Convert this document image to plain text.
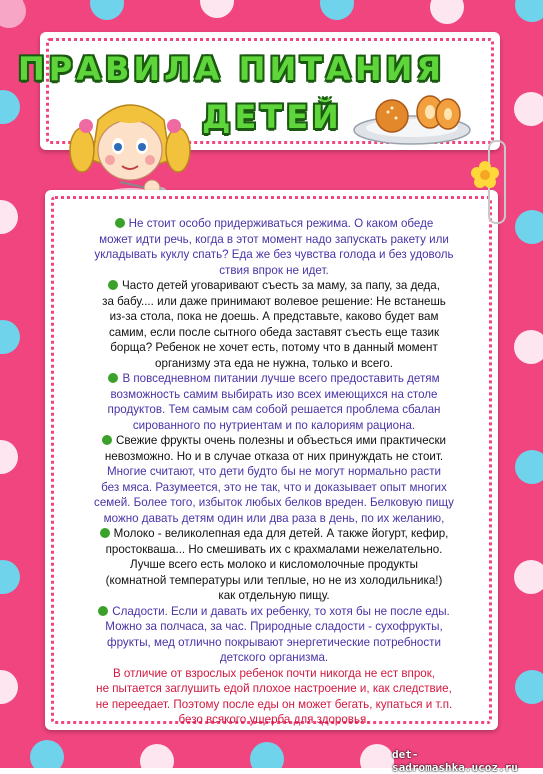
ПРАВИЛА ПИТАНИЯ
ДЕТЕЙ
Не стоит особо придерживаться режима. О каком обеде
может идти речь, когда в этот момент надо запускать ракету или
укладывать куклу спать? Еда же без чувства голода и без удоволь
ствия впрок не идет.
Часто детей уговаривают съесть за маму, за папу, за деда,
за бабу.... или даже принимают волевое решение: Не встанешь
из-за стола, пока не доешь. А представьте, каково будет вам
самим, если после сытного обеда заставят съесть еще тазик
борща? Ребенок не хочет есть, потому что в данный момент
организму эта еда не нужна, только и всего.
В повседневном питании лучше всего предоставить детям
возможность самим выбирать изо всех имеющихся на столе
продуктов. Тем самым сам собой решается проблема сбалан
сированного по нутриентам и по калориям рациона.
Свежие фрукты очень полезны и объесться ими практически
невозможно. Но и в случае отказа от них принуждать не стоит.
Многие считают, что дети будто бы не могут нормально расти
без мяса. Разумеется, это не так, что и доказывает опыт многих
семей. Более того, избыток любых белков вреден. Белковую пищу
можно давать детям один или два раза в день, по их желанию,
Молоко - великолепная еда для детей. А также йогурт, кефир,
простокваша... Но смешивать их с крахмалами нежелательно.
Лучше всего есть молоко и кисломолочные продукты
(комнатной температуры или теплые, но не из холодильника!)
как отдельную пищу.
Сладости. Если и давать их ребенку, то хотя бы не после еды.
Можно за полчаса, за час. Природные сладости - сухофрукты,
фрукты, мед отлично покрывают энергетические потребности
детского организма.
В отличие от взрослых ребенок почти никогда не ест впрок,
не пытается заглушить едой плохое настроение и, как следствие,
не переедает. Поэтому после еды он может бегать, купаться и т.п.
безо всякого ущерба для здоровья.
det-sadromashka.ucoz.ru
